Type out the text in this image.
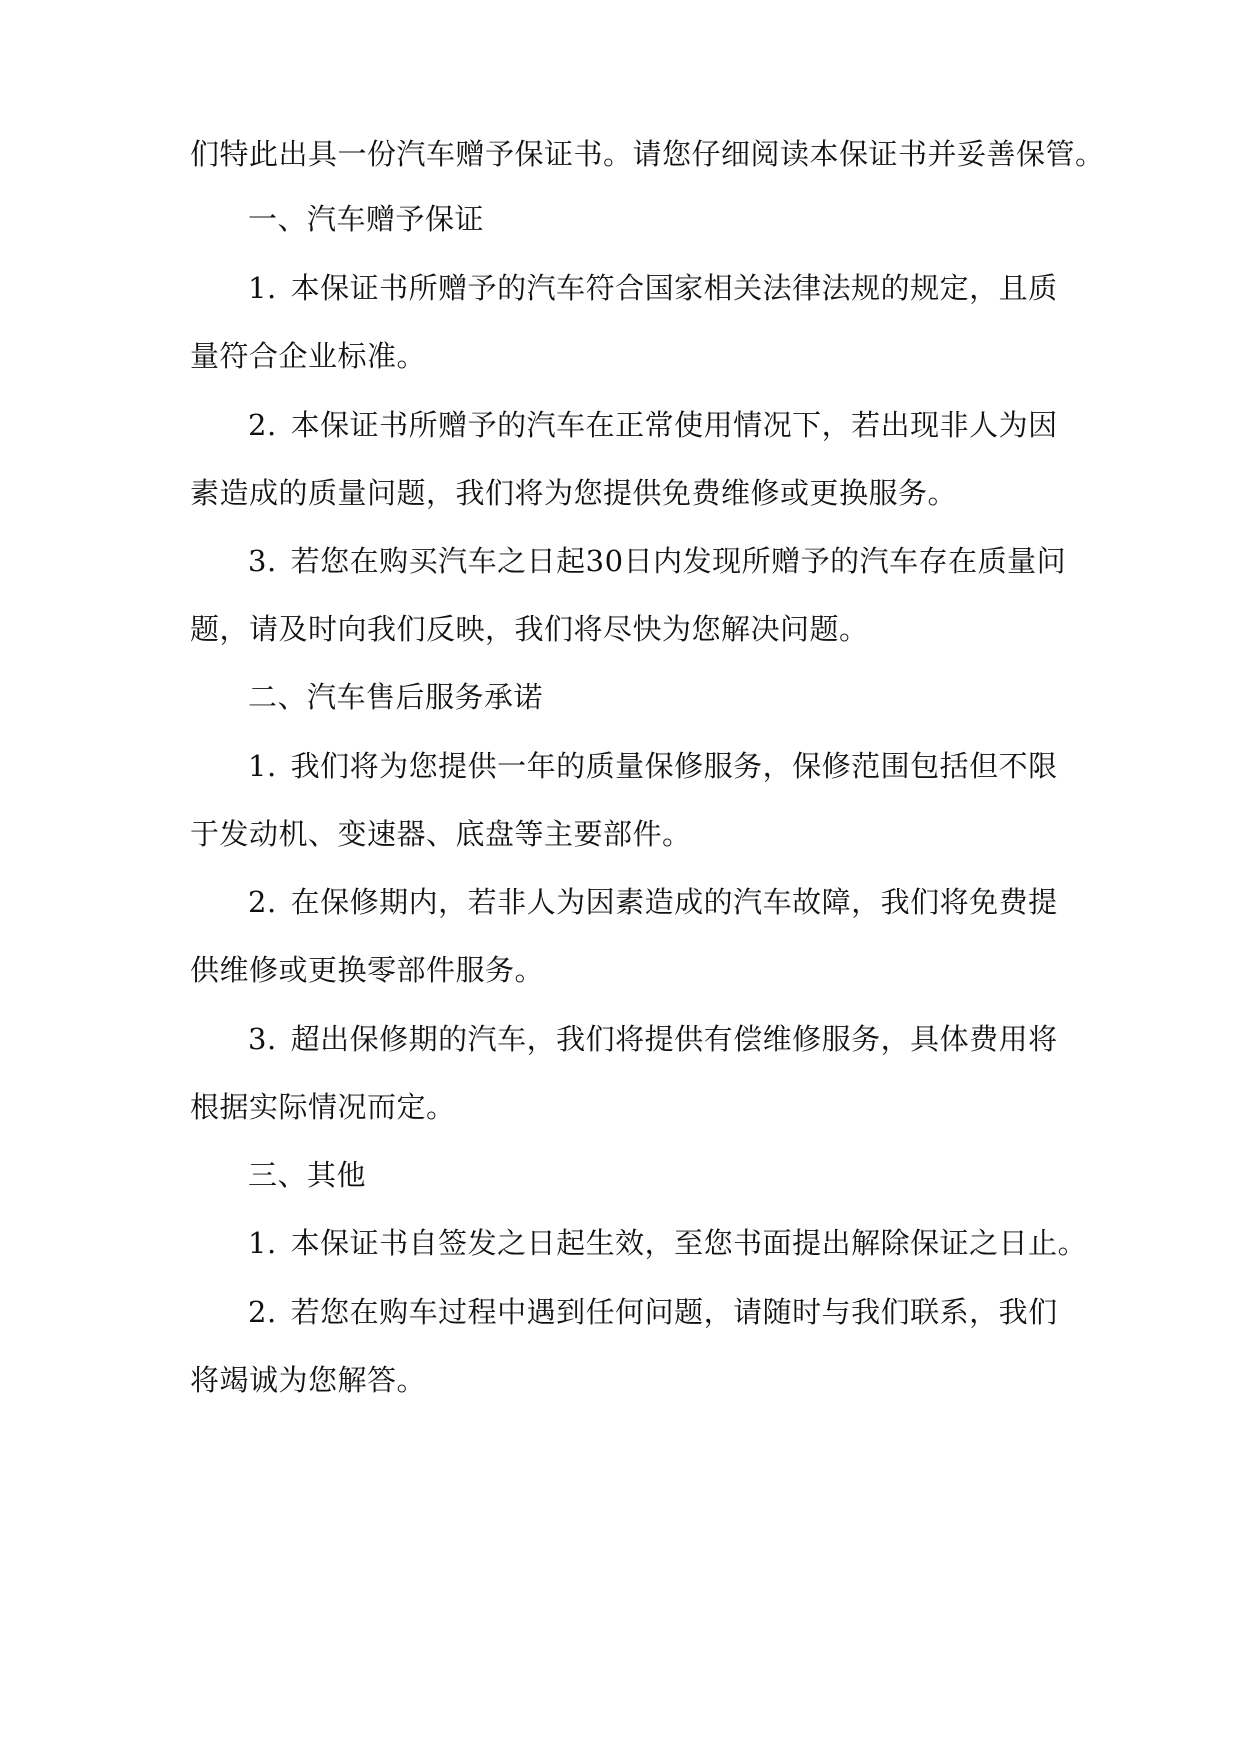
们特此出具一份汽车赠予保证书。请您仔细阅读本保证书并妥善保管。
一、汽车赠予保证
1. 本保证书所赠予的汽车符合国家相关法律法规的规定，且质
量符合企业标准。
2. 本保证书所赠予的汽车在正常使用情况下，若出现非人为因
素造成的质量问题，我们将为您提供免费维修或更换服务。
3. 若您在购买汽车之日起30日内发现所赠予的汽车存在质量问
题，请及时向我们反映，我们将尽快为您解决问题。
二、汽车售后服务承诺
1. 我们将为您提供一年的质量保修服务，保修范围包括但不限
于发动机、变速器、底盘等主要部件。
2. 在保修期内，若非人为因素造成的汽车故障，我们将免费提
供维修或更换零部件服务。
3. 超出保修期的汽车，我们将提供有偿维修服务，具体费用将
根据实际情况而定。
三、其他
1. 本保证书自签发之日起生效，至您书面提出解除保证之日止。
2. 若您在购车过程中遇到任何问题，请随时与我们联系，我们
将竭诚为您解答。
